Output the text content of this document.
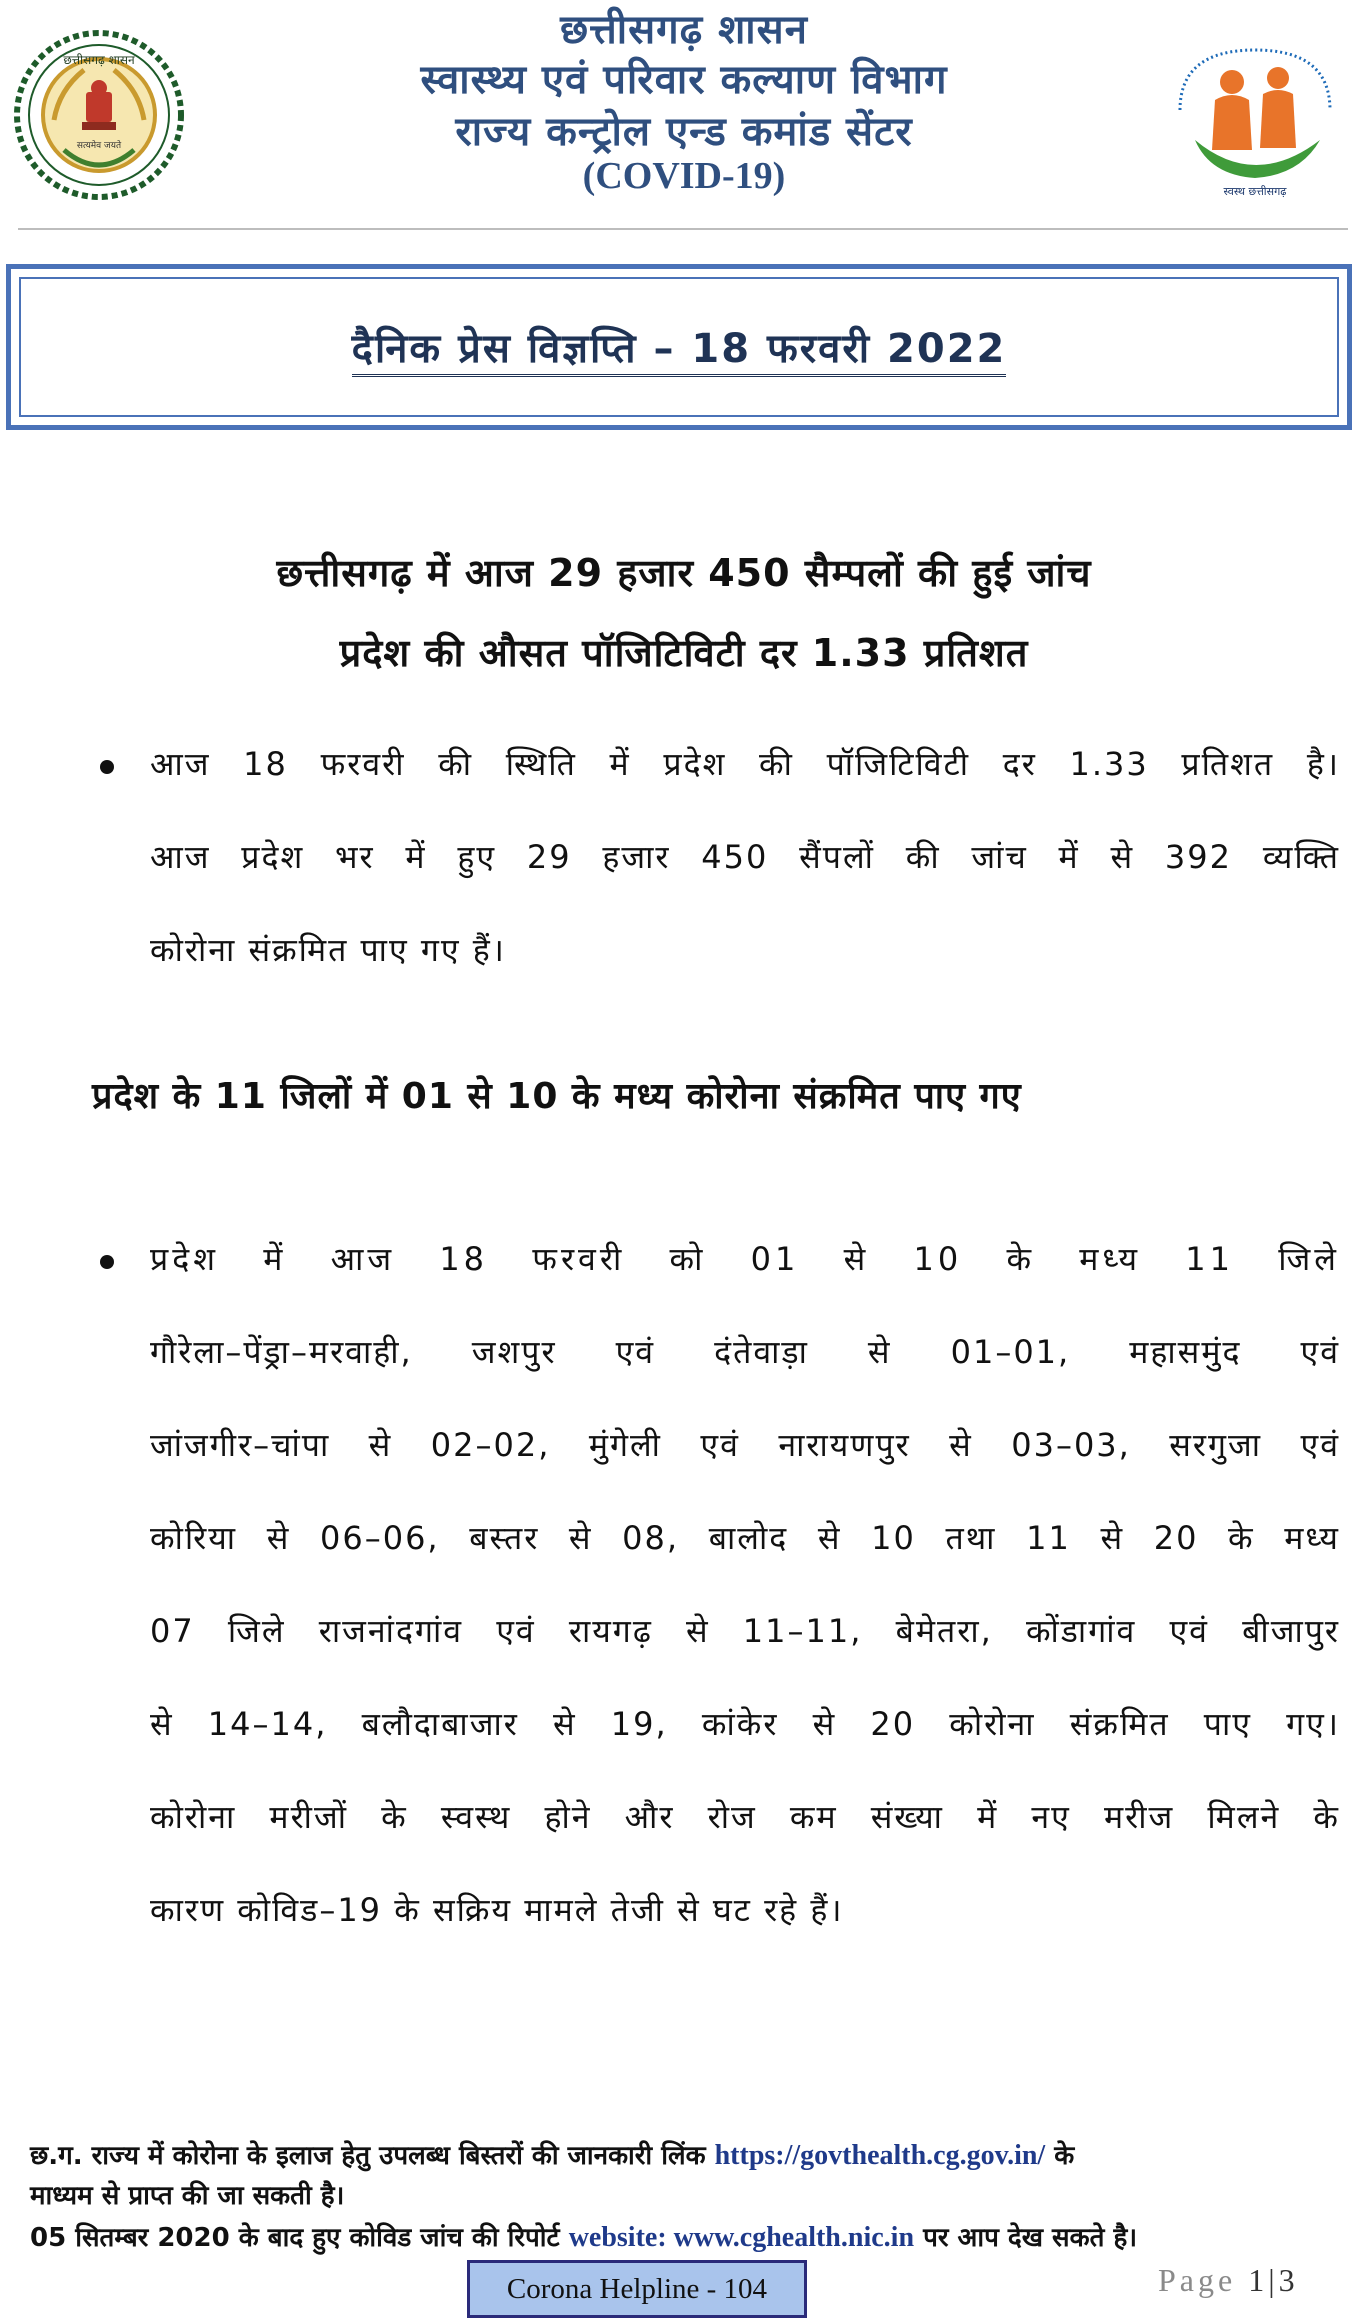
सत्यमेव जयते
छत्तीसगढ़ शासन
स्वस्थ छत्तीसगढ़
छत्तीसगढ़ शासन
स्वास्थ्य एवं परिवार कल्याण विभाग
राज्य कन्ट्रोल एन्ड कमांड सेंटर
(COVID-19)
दैनिक प्रेस विज्ञप्ति – 18 फरवरी 2022
छत्तीसगढ़ में आज 29 हजार 450 सैम्पलों की हुई जांच
प्रदेश की औसत पॉजिटिविटी दर 1.33 प्रतिशत
आज 18 फरवरी की स्थिति में प्रदेश की पॉजिटिविटी दर 1.33 प्रतिशत है।
आज प्रदेश भर में हुए 29 हजार 450 सैंपलों की जांच में से 392 व्यक्ति
कोरोना संक्रमित पाए गए हैं।
प्रदेश के 11 जिलों में 01 से 10 के मध्य कोरोना संक्रमित पाए गए
प्रदेश में आज 18 फरवरी को 01 से 10 के मध्य 11 जिले
गौरेला–पेंड्रा–मरवाही, जशपुर एवं दंतेवाड़ा से 01–01, महासमुंद एवं
जांजगीर–चांपा से 02–02, मुंगेली एवं नारायणपुर से 03–03, सरगुजा एवं
कोरिया से 06–06, बस्तर से 08, बालोद से 10 तथा 11 से 20 के मध्य
07 जिले राजनांदगांव एवं रायगढ़ से 11–11, बेमेतरा, कोंडागांव एवं बीजापुर
से 14–14, बलौदाबाजार से 19, कांकेर से 20 कोरोना संक्रमित पाए गए।
कोरोना मरीजों के स्वस्थ होने और रोज कम संख्या में नए मरीज मिलने के
कारण कोविड–19 के सक्रिय मामले तेजी से घट रहे हैं।
छ.ग. राज्य में कोरोना के इलाज हेतु उपलब्ध बिस्तरों की जानकारी लिंक https://govthealth.cg.gov.in/ के
माध्यम से प्राप्त की जा सकती है।
05 सितम्बर 2020 के बाद हुए कोविड जांच की रिपोर्ट website: www.cghealth.nic.in पर आप देख सकते है।
Corona Helpline - 104	Page 1|3
